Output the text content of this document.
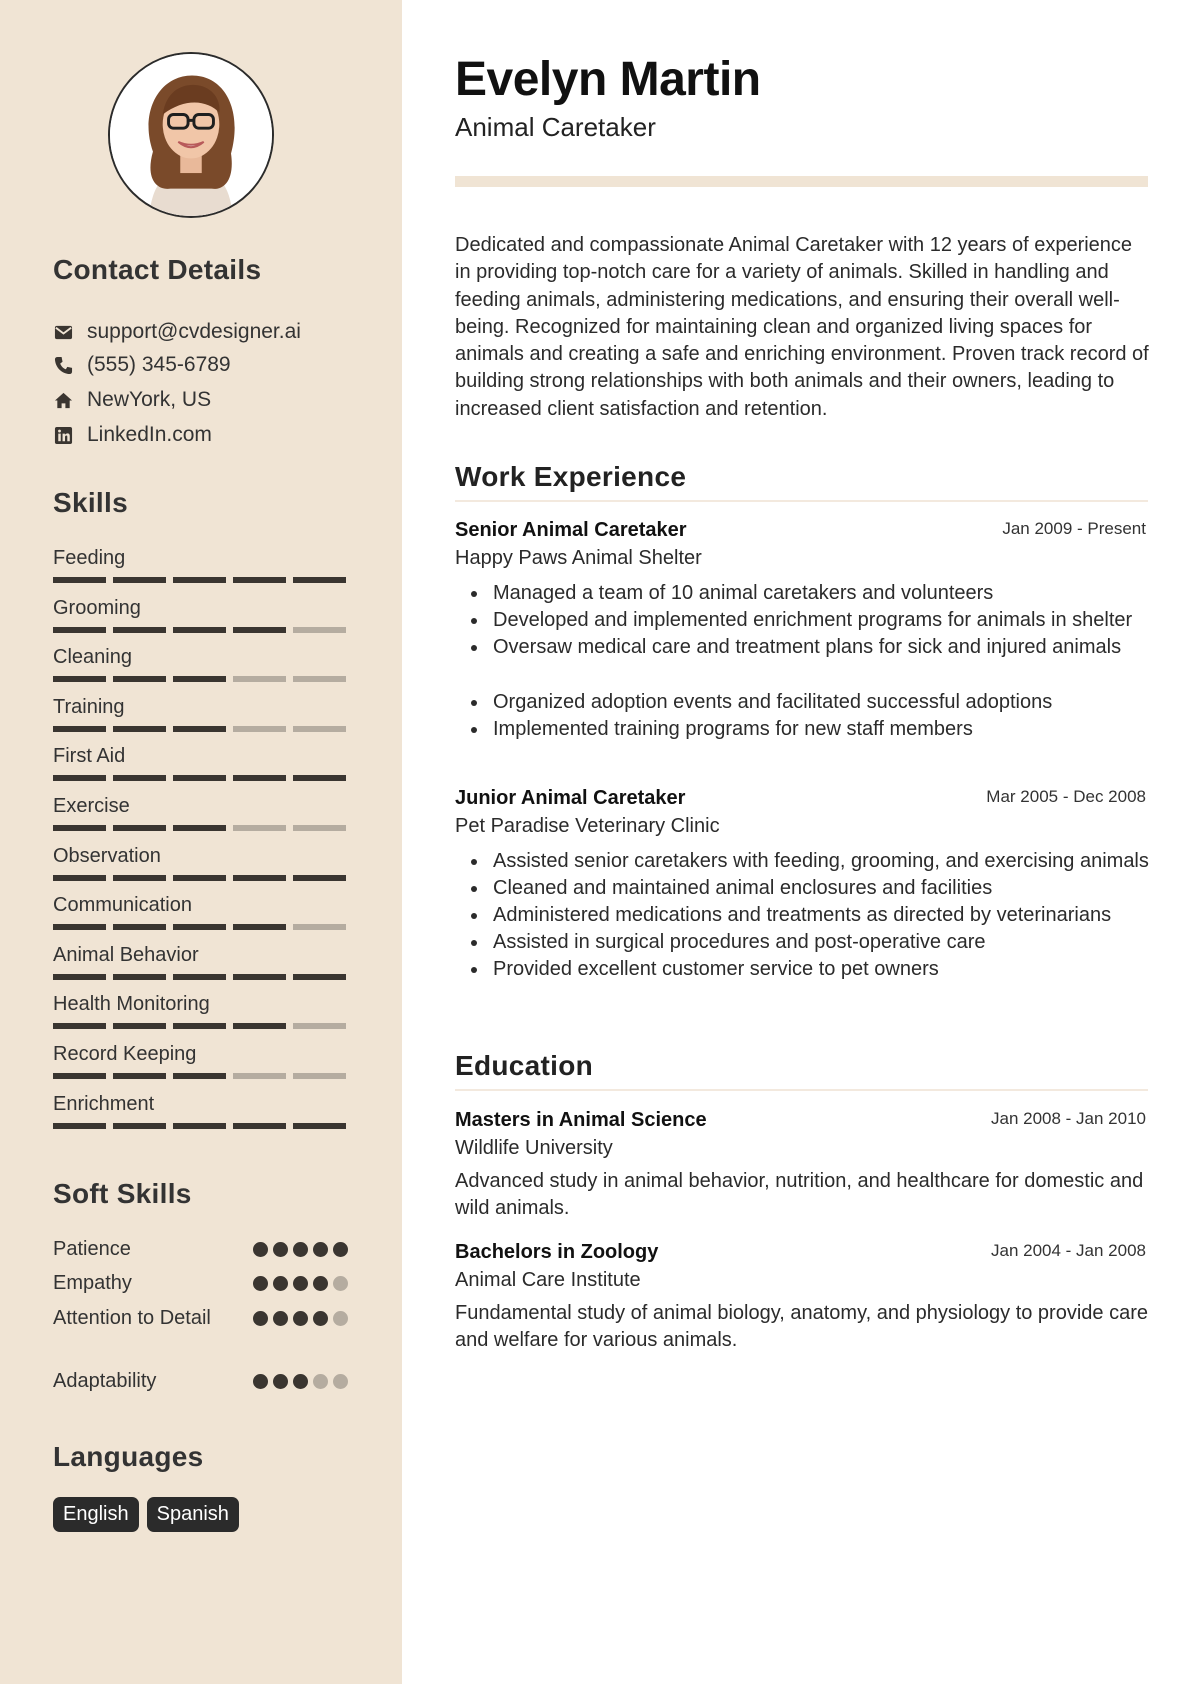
Contact Details
support@cvdesigner.ai
(555) 345-6789
NewYork, US
LinkedIn.com
Skills
Feeding
Grooming
Cleaning
Training
First Aid
Exercise
Observation
Communication
Animal Behavior
Health Monitoring
Record Keeping
Enrichment
Soft Skills
Patience
Empathy
Attention to Detail
Adaptability
Languages
English	Spanish
Evelyn Martin
Animal Caretaker
Dedicated and compassionate Animal Caretaker with 12 years of experience in providing top-notch care for a variety of animals. Skilled in handling and feeding animals, administering medications, and ensuring their overall well-being. Recognized for maintaining clean and organized living spaces for animals and creating a safe and enriching environment. Proven track record of building strong relationships with both animals and their owners, leading to increased client satisfaction and retention.
Work Experience
Senior Animal Caretaker	Jan 2009 - Present
Happy Paws Animal Shelter
Managed a team of 10 animal caretakers and volunteers
Developed and implemented enrichment programs for animals in shelter
Oversaw medical care and treatment plans for sick and injured animals
Organized adoption events and facilitated successful adoptions
Implemented training programs for new staff members
Junior Animal Caretaker	Mar 2005 - Dec 2008
Pet Paradise Veterinary Clinic
Assisted senior caretakers with feeding, grooming, and exercising animals
Cleaned and maintained animal enclosures and facilities
Administered medications and treatments as directed by veterinarians
Assisted in surgical procedures and post-operative care
Provided excellent customer service to pet owners
Education
Masters in Animal Science	Jan 2008 - Jan 2010
Wildlife University
Advanced study in animal behavior, nutrition, and healthcare for domestic and wild animals.
Bachelors in Zoology	Jan 2004 - Jan 2008
Animal Care Institute
Fundamental study of animal biology, anatomy, and physiology to provide care and welfare for various animals.
